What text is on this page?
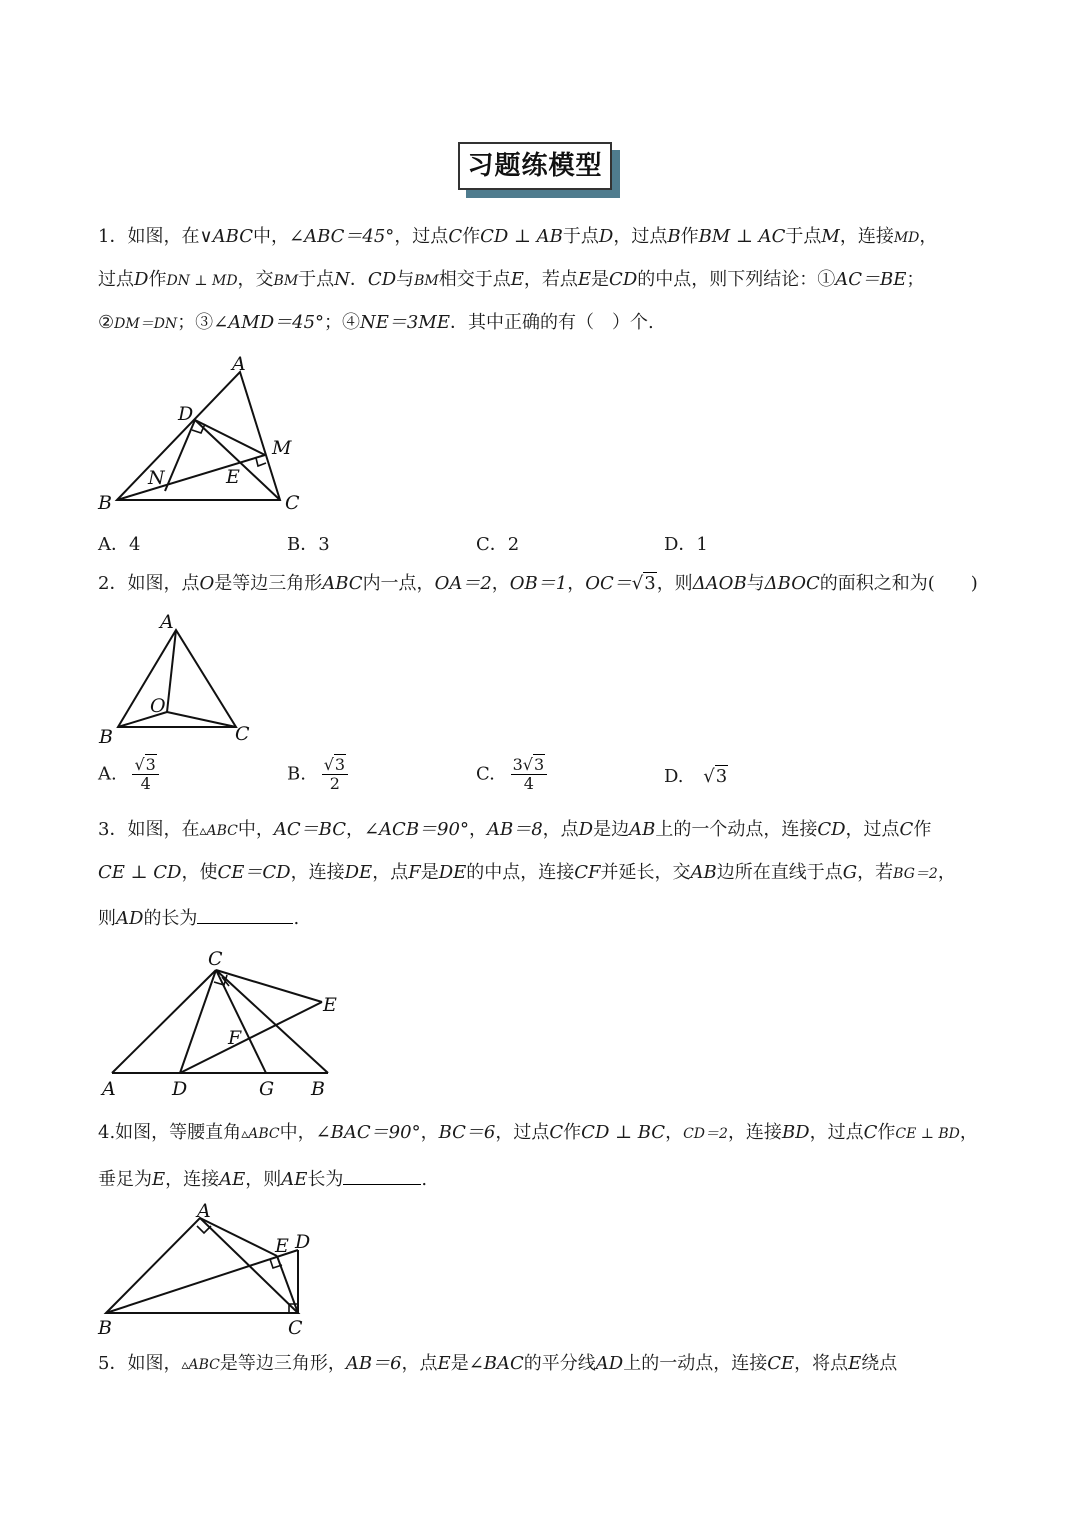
习题练模型
1．如图，在∨ABC中，∠ABC＝45°，过点C作CD ⊥ AB于点D，过点B作BM ⊥ AC于点M，连接MD，
过点D作DN ⊥ MD，交BM于点N．CD与BM相交于点E，若点E是CD的中点，则下列结论：①AC＝BE；
②DM＝DN；③∠AMD＝45°；④NE＝3ME．其中正确的有（　）个.
A
D
M
N	E
B	C
A．4	B．3	C．2	D．1
2．如图，点O是等边三角形ABC内一点，OA＝2，OB＝1，OC＝√3，则ΔAOB与ΔBOC的面积之和为(　　)
A
O
B	C
A. $\frac{√3}{4}$	B. $\frac{√3}{2}$	C. $\frac{3√3}{4}$	D. √3
3．如图，在▵ABC中，AC＝BC，∠ACB＝90°，AB＝8，点D是边AB上的一个动点，连接CD，过点C作
CE ⊥ CD，使CE＝CD，连接DE，点F是DE的中点，连接CF并延长，交AB边所在直线于点G，若BG＝2，
则AD的长为	.
C
E
F
A	D	G B
4.如图，等腰直角▵ABC中，∠BAC＝90°，BC＝6，过点C作CD ⊥ BC，CD＝2，连接BD，过点C作CE ⊥ BD，
垂足为E，连接AE，则AE长为	.
A
E D
B	C
5．如图，▵ABC是等边三角形，AB＝6，点E是∠BAC的平分线AD上的一动点，连接CE，将点E绕点
